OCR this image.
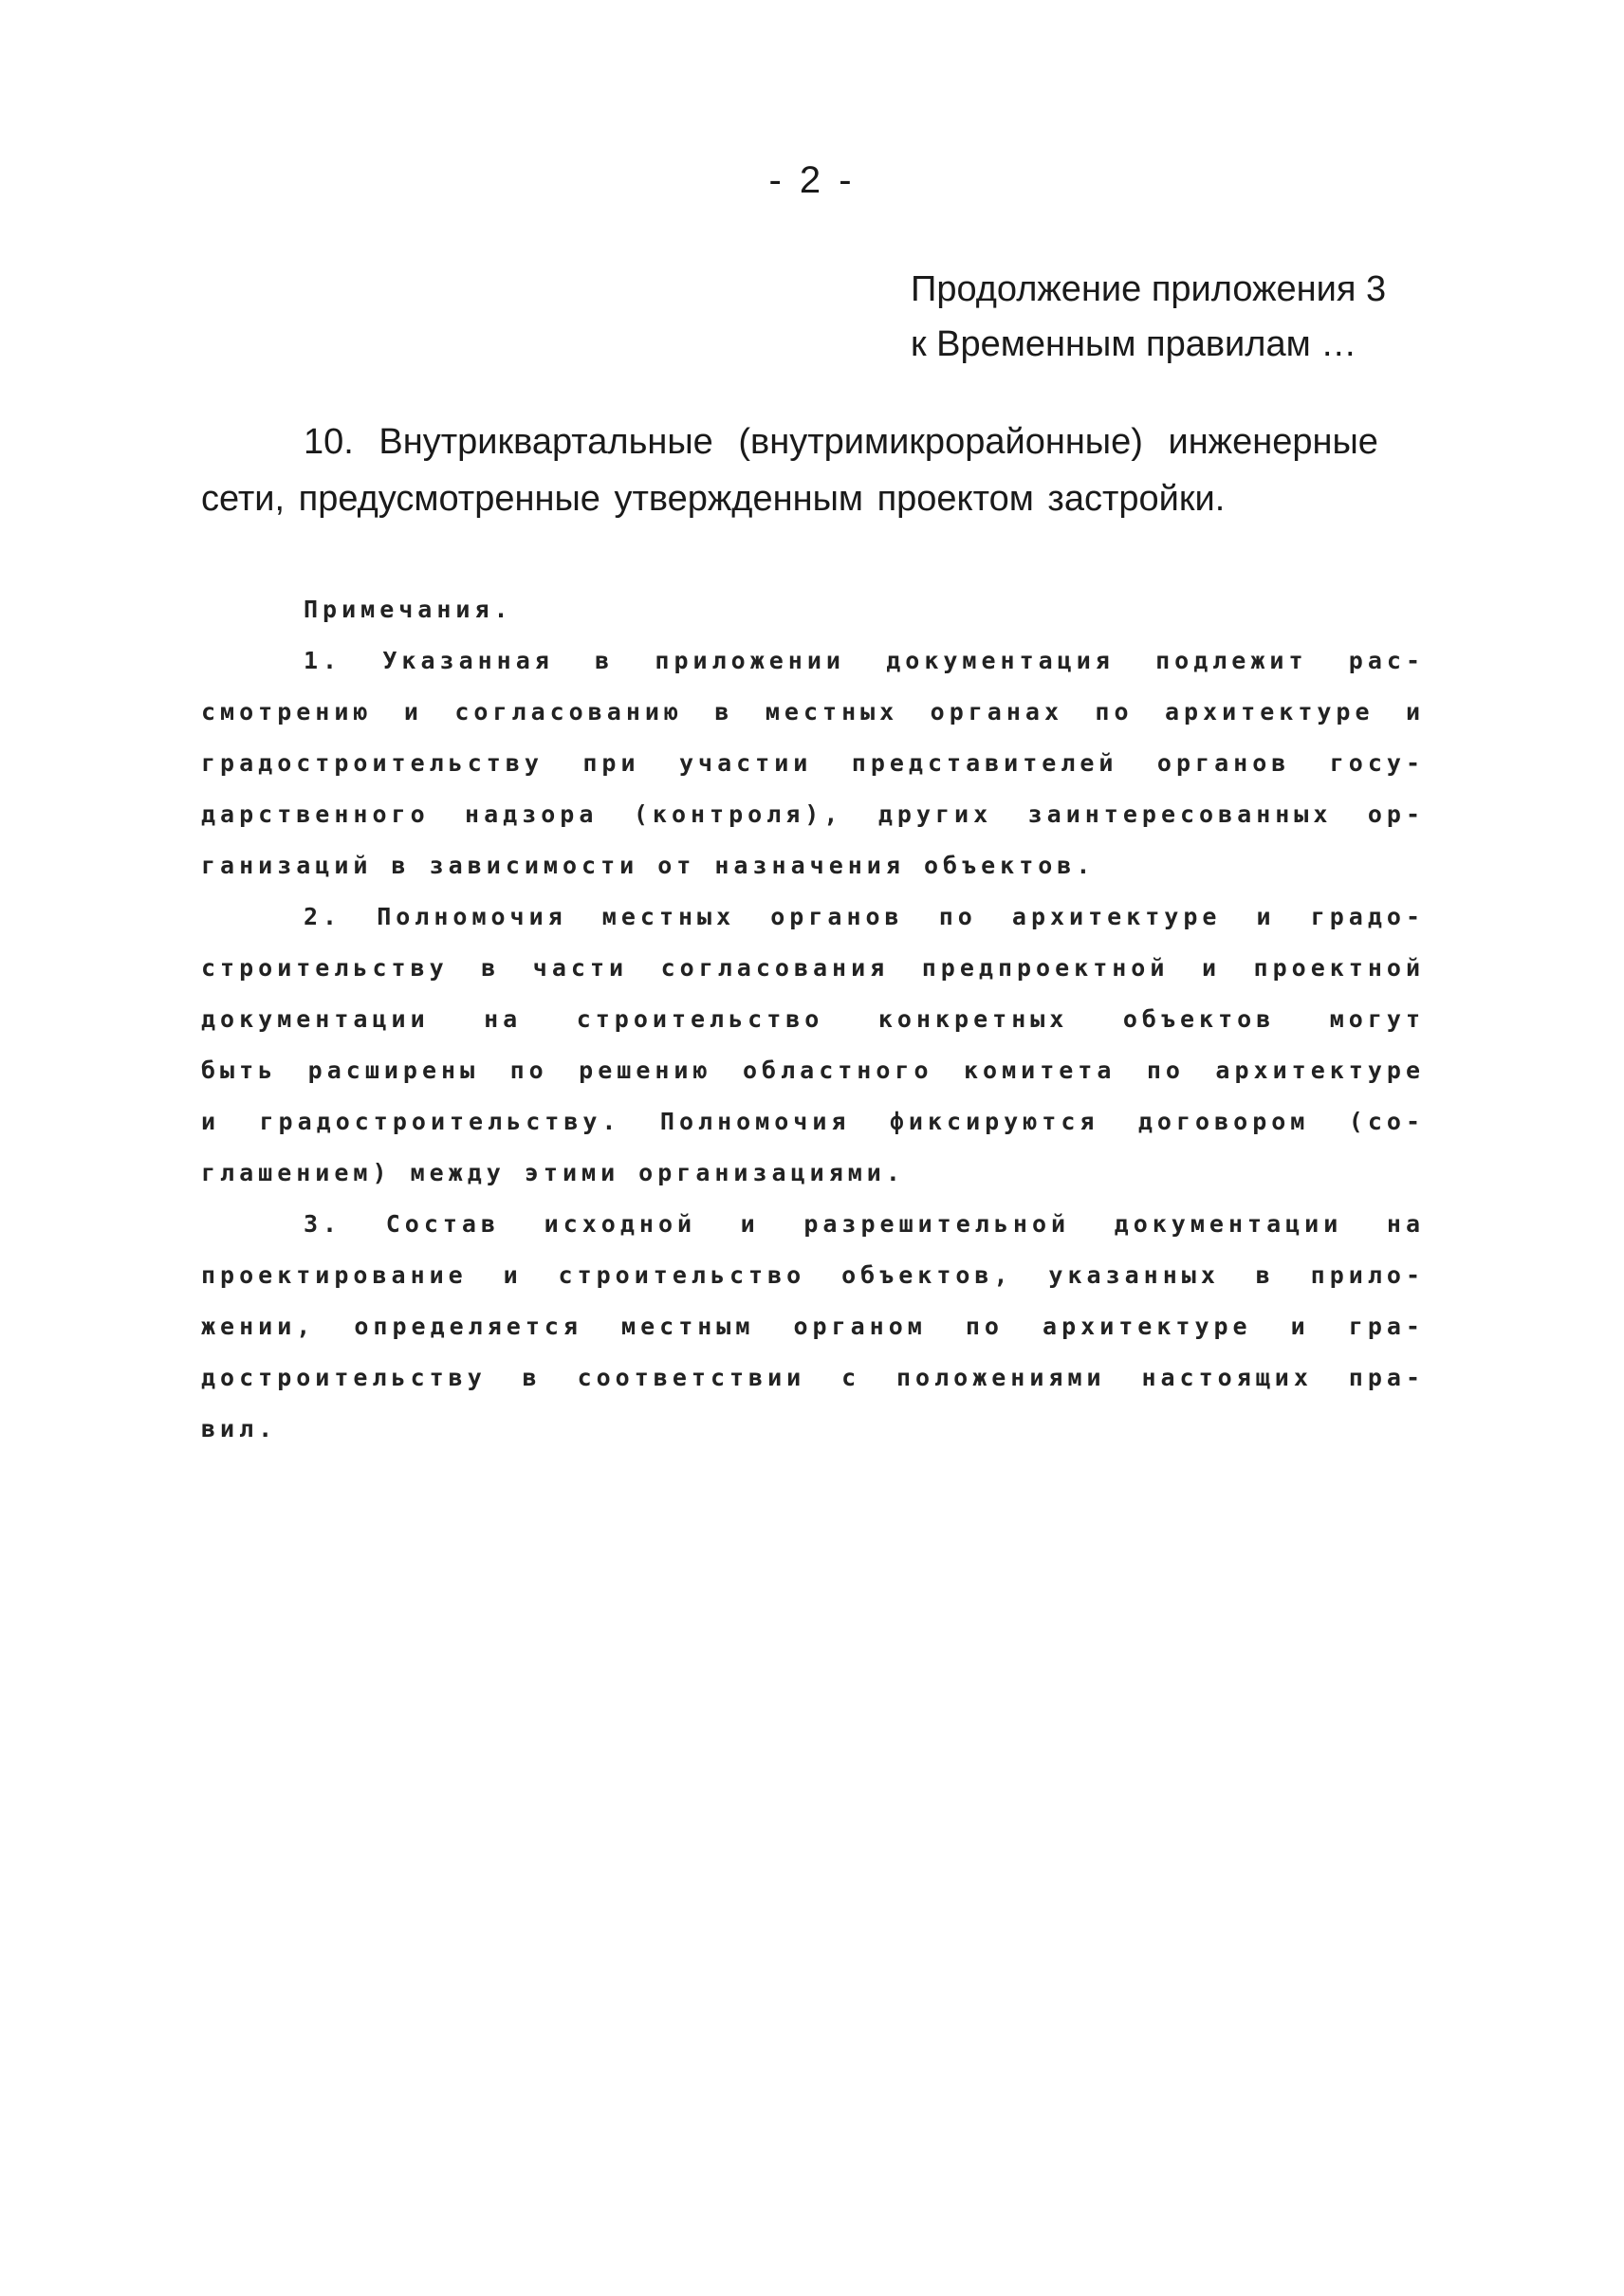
- 2 -
Продолжение приложения 3
к Временным правилам …
10. Внутриквартальные (внутримикрорайонные) инженерные
сети, предусмотренные утвержденным проектом застройки.
Примечания.
1. Указанная в приложении документация подлежит рас-
смотрению и согласованию в местных органах по архитектуре и
градостроительству при участии представителей органов госу-
дарственного надзора (контроля), других заинтересованных ор-
ганизаций в зависимости от назначения объектов.
2. Полномочия местных органов по архитектуре и градо-
строительству в части согласования предпроектной и проектной
документации на строительство конкретных объектов могут
быть расширены по решению областного комитета по архитектуре
и градостроительству. Полномочия фиксируются договором (со-
глашением) между этими организациями.
3. Состав исходной и разрешительной документации на
проектирование и строительство объектов, указанных в прило-
жении, определяется местным органом по архитектуре и гра-
достроительству в соответствии с положениями настоящих пра-
вил.
